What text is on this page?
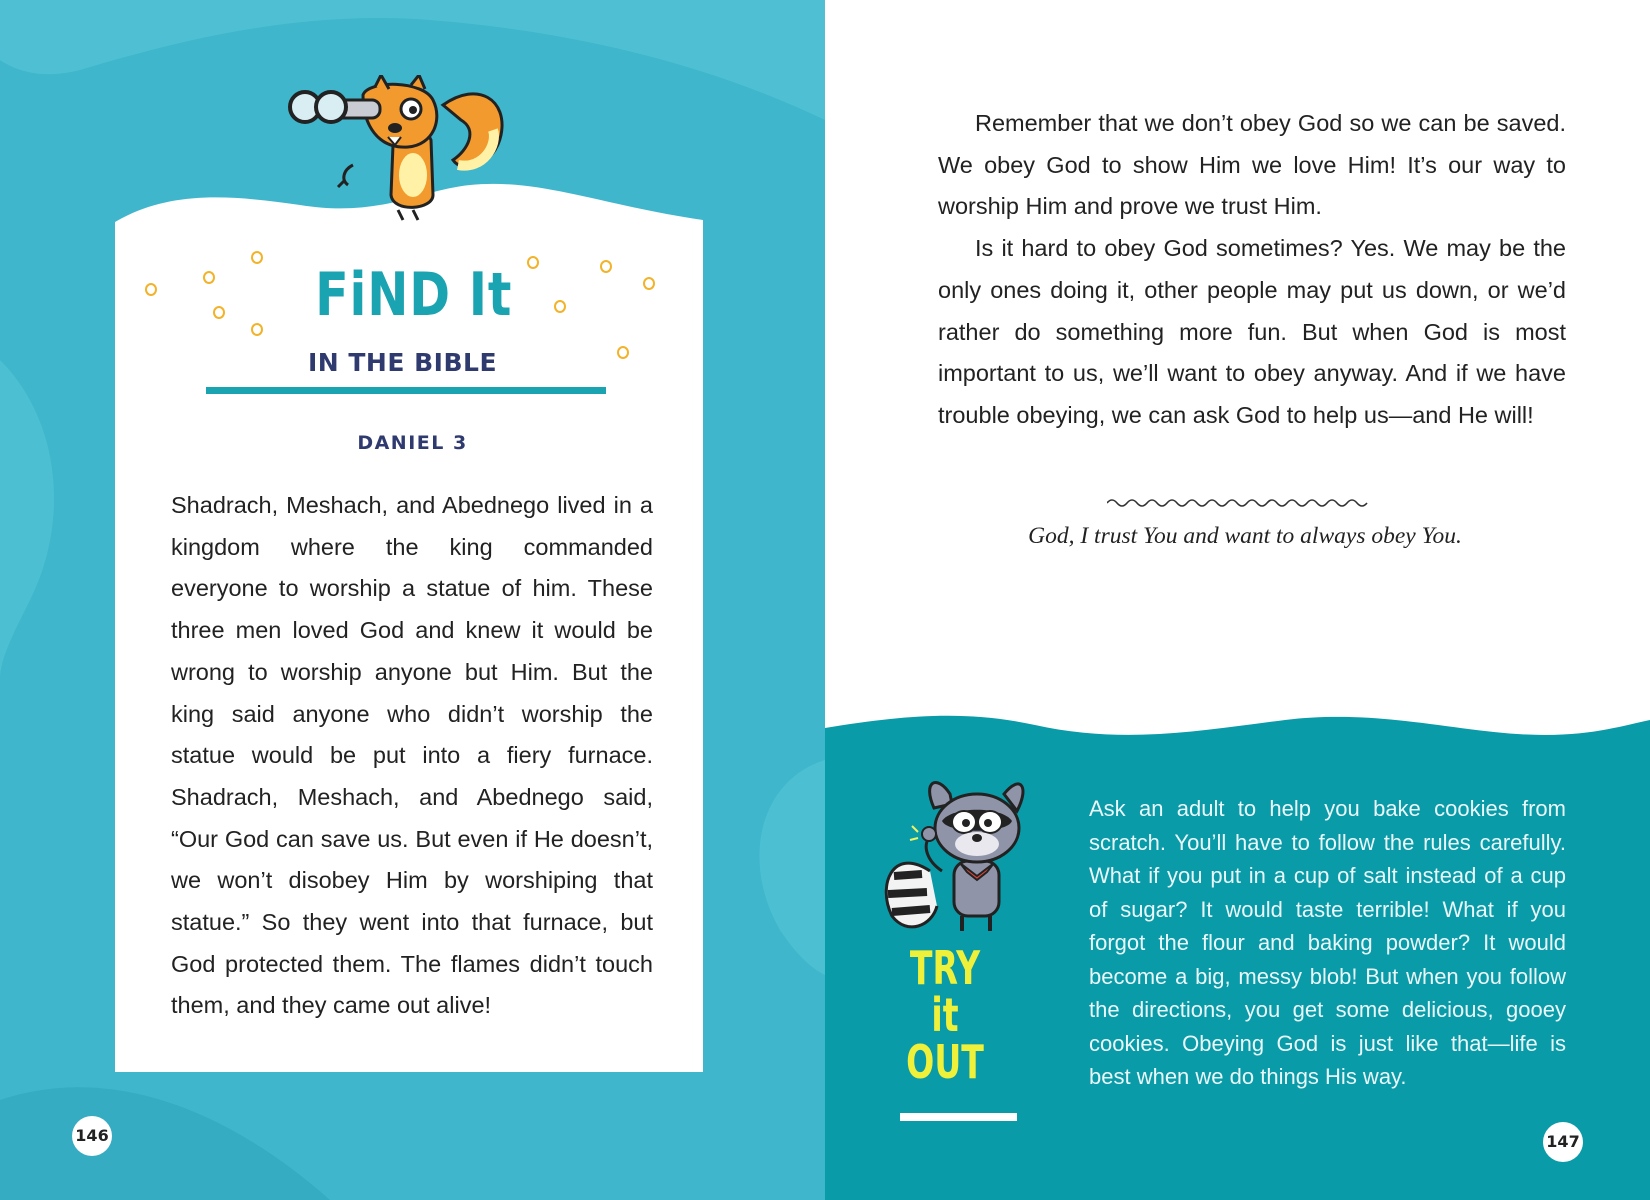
FiND It
IN THE BIBLE
DANIEL 3

Shadrach, Meshach, and Abednego lived in a kingdom where the king commanded everyone to worship a statue of him. These three men loved God and knew it would be wrong to worship anyone but Him. But the king said anyone who didn’t worship the statue would be put into a fiery furnace. Shadrach, Meshach, and Abednego said, “Our God can save us. But even if He doesn’t, we won’t disobey Him by worshiping that statue.” So they went into that furnace, but God protected them. The flames didn’t touch them, and they came out alive!

146

Remember that we don’t obey God so we can be saved. We obey God to show Him we love Him! It’s our way to worship Him and prove we trust Him.

Is it hard to obey God sometimes? Yes. We may be the only ones doing it, other people may put us down, or we’d rather do something more fun. But when God is most important to us, we’ll want to obey anyway. And if we have trouble obeying, we can ask God to help us—and He will!

God, I trust You and want to always obey You.
TRY
it
OUT

Ask an adult to help you bake cookies from scratch. You’ll have to follow the rules carefully. What if you put in a cup of salt instead of a cup of sugar? It would taste terrible! What if you forgot the flour and baking powder? It would become a big, messy blob! But when you follow the directions, you get some delicious, gooey cookies. Obeying God is just like that—life is best when we do things His way.

147
